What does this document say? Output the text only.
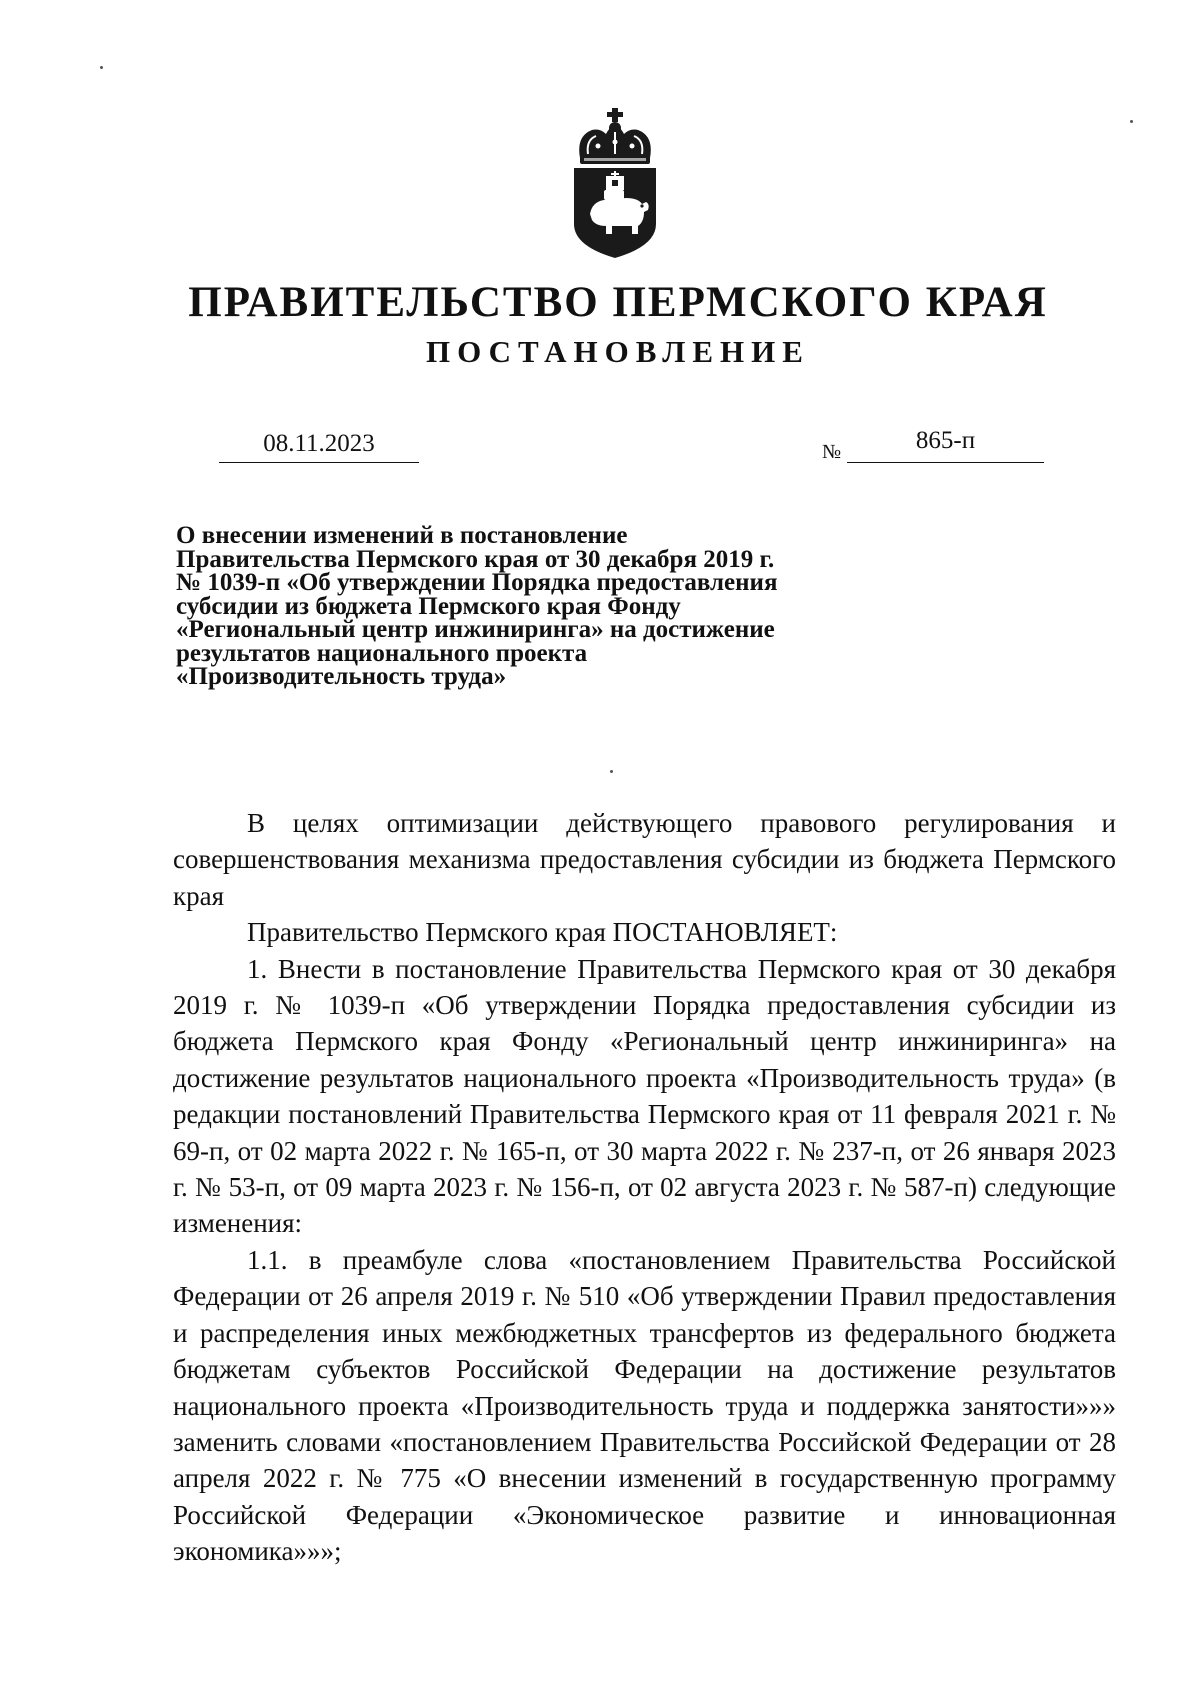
ПРАВИТЕЛЬСТВО ПЕРМСКОГО КРАЯ
ПОСТАНОВЛЕНИЕ
08.11.2023	№	865-п

О внесении изменений в постановление Правительства Пермского края от 30 декабря 2019 г. № 1039-п «Об утверждении Порядка предоставления субсидии из бюджета Пермского края Фонду «Региональный центр инжиниринга» на достижение результатов национального проекта «Производительность труда»

В целях оптимизации действующего правового регулирования и совершенствования механизма предоставления субсидии из бюджета Пермского края

Правительство Пермского края ПОСТАНОВЛЯЕТ:

1. Внести в постановление Правительства Пермского края от 30 декабря 2019 г. № 1039-п «Об утверждении Порядка предоставления субсидии из бюджета Пермского края Фонду «Региональный центр инжиниринга» на достижение результатов национального проекта «Производительность труда» (в редакции постановлений Правительства Пермского края от 11 февраля 2021 г. № 69-п, от 02 марта 2022 г. № 165-п, от 30 марта 2022 г. № 237-п, от 26 января 2023 г. № 53-п, от 09 марта 2023 г. № 156-п, от 02 августа 2023 г. № 587-п) следующие изменения:

1.1. в преамбуле слова «постановлением Правительства Российской Федерации от 26 апреля 2019 г. № 510 «Об утверждении Правил предоставления и распределения иных межбюджетных трансфертов из федерального бюджета бюджетам субъектов Российской Федерации на достижение результатов национального проекта «Производительность труда и поддержка занятости»»» заменить словами «постановлением Правительства Российской Федерации от 28 апреля 2022 г. № 775 «О внесении изменений в государственную программу Российской Федерации «Экономическое развитие и инновационная экономика»»»;
